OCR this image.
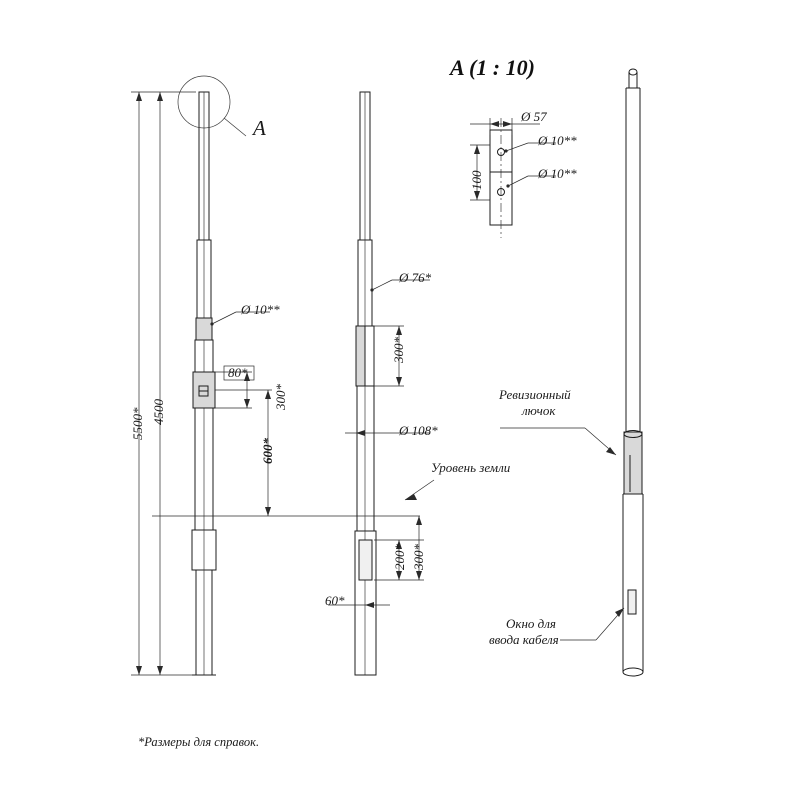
A (1 : 10)
A	Ø 57
Ø 10**
Ø 10**
100
Ø 10**
Ø 76*
Ø 108*
5500* 4500
600*
300*
80*
300*
300*
200*
60*
Уровень земли
Ревизионный
лючок
Окно для
ввода кабеля
*Размеры для справок.
